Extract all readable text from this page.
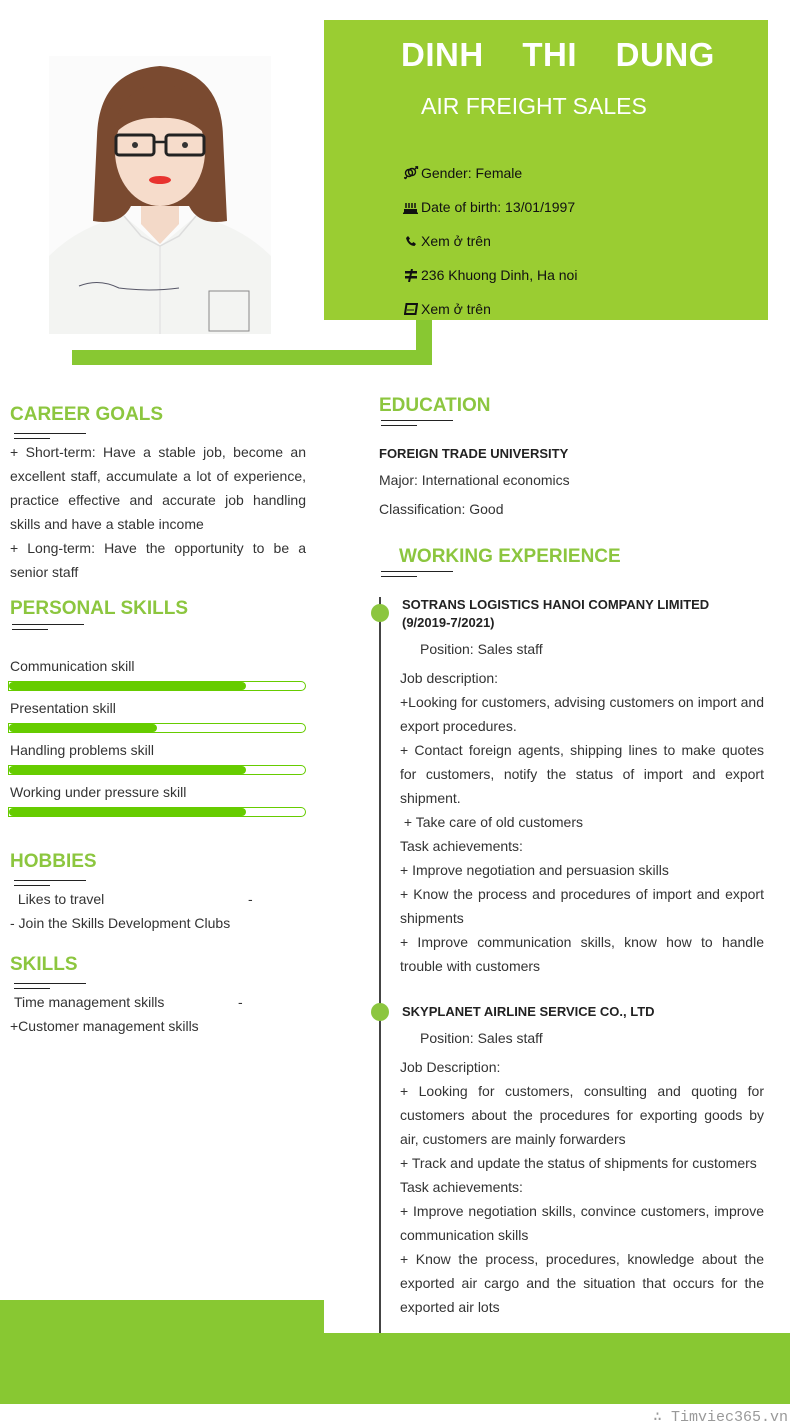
DINH    THI    DUNG
AIR FREIGHT SALES
Gender: Female
Date of birth: 13/01/1997
Xem ở trên
236 Khuong Dinh, Ha noi
Xem ở trên
CAREER GOALS
+ Short-term: Have a stable job, become an excellent staff, accumulate a lot of experience, practice effective and accurate job handling skills and have a stable income
+ Long-term: Have the opportunity to be a senior staff
PERSONAL SKILLS
Communication skill
Presentation skill
Handling problems skill
Working under pressure skill
HOBBIES
Likes to travel	-
- Join the Skills Development Clubs
SKILLS
Time management skills	-
+Customer management skills
EDUCATION
FOREIGN TRADE UNIVERSITY
Major: International economics
Classification: Good
WORKING EXPERIENCE
SOTRANS LOGISTICS HANOI COMPANY LIMITED (9/2019-7/2021)
Position: Sales staff
Job description:
+Looking for customers, advising customers on import and export procedures.
+ Contact foreign agents, shipping lines to make quotes for customers, notify the status of import and export shipment.
+ Take care of old customers
Task achievements:
+ Improve negotiation and persuasion skills
+ Know the process and procedures of import and export shipments
+ Improve communication skills, know how to handle trouble with customers
SKYPLANET AIRLINE SERVICE CO., LTD
Position: Sales staff
Job Description:
+ Looking for customers, consulting and quoting for customers about the procedures for exporting goods by air, customers are mainly forwarders
+ Track and update the status of shipments for customers
Task achievements:
+ Improve negotiation skills, convince customers, improve communication skills
+ Know the process, procedures, knowledge about the exported air cargo and the situation that occurs for the exported air lots
∴ Timviec365.vn
